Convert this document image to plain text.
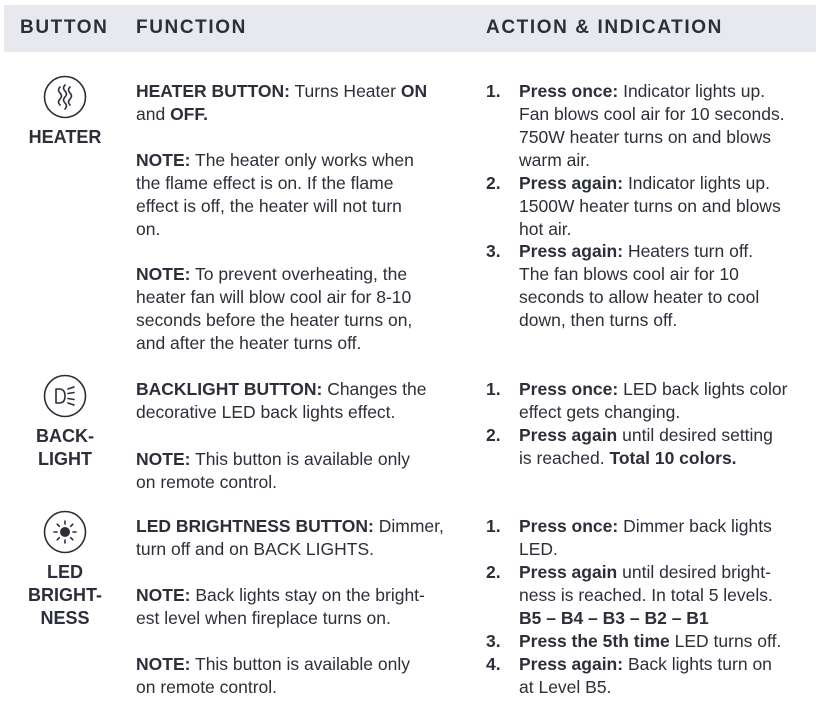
BUTTON FUNCTION	ACTION & INDICATION
HEATER
HEATER BUTTON: Turns Heater ON
and OFF.
NOTE: The heater only works when
the flame effect is on. If the flame
effect is off, the heater will not turn
on.
NOTE: To prevent overheating, the
heater fan will blow cool air for 8-10
seconds before the heater turns on,
and after the heater turns off.
1. Press once: Indicator lights up.
Fan blows cool air for 10 seconds.
750W heater turns on and blows
warm air.
2. Press again: Indicator lights up.
1500W heater turns on and blows
hot air.
3. Press again: Heaters turn off.
The fan blows cool air for 10
seconds to allow heater to cool
down, then turns off.
BACK-
LIGHT
BACKLIGHT BUTTON: Changes the
decorative LED back lights effect.
NOTE: This button is available only
on remote control.
1. Press once: LED back lights color
effect gets changing.
2. Press again until desired setting
is reached. Total 10 colors.
LED
BRIGHT-
NESS
LED BRIGHTNESS BUTTON: Dimmer,
turn off and on BACK LIGHTS.
NOTE: Back lights stay on the bright-
est level when fireplace turns on.
NOTE: This button is available only
on remote control.
1. Press once: Dimmer back lights
LED.
2. Press again until desired bright-
ness is reached. In total 5 levels.
B5 – B4 – B3 – B2 – B1
3. Press the 5th time LED turns off.
4. Press again: Back lights turn on
at Level B5.
